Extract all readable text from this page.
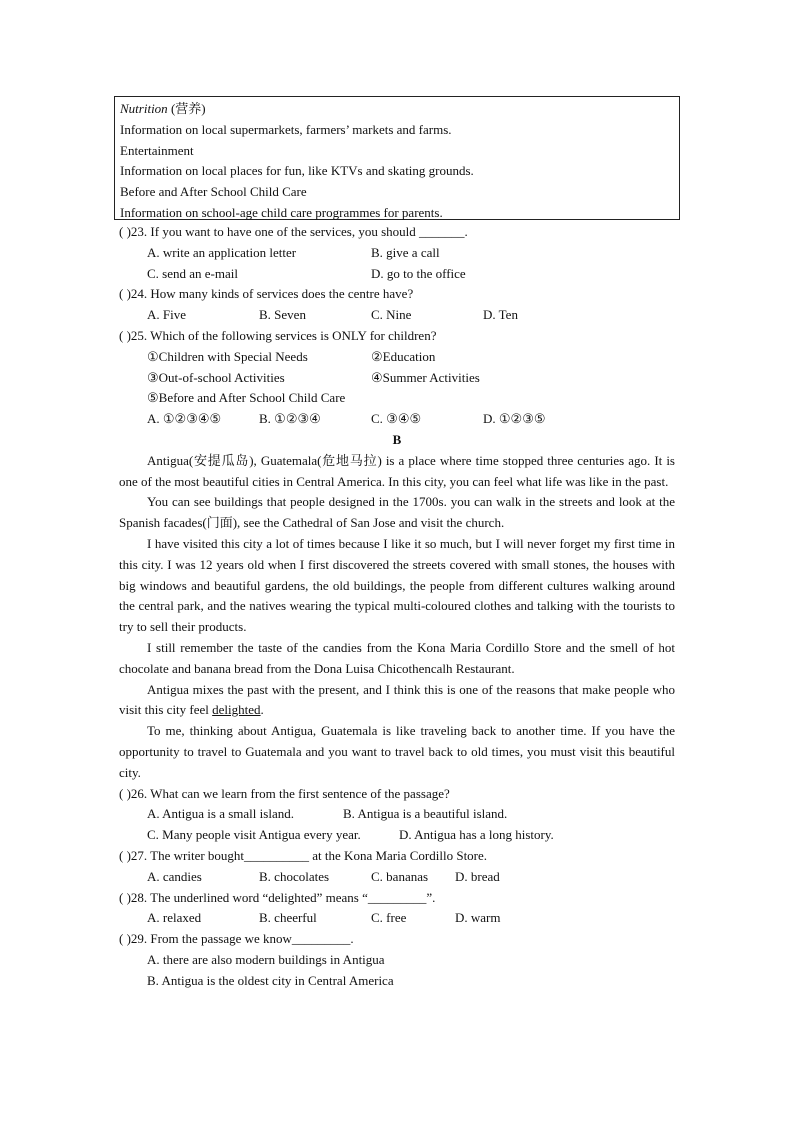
Nutrition (营养)
Information on local supermarkets, farmers’ markets and farms.
Entertainment
Information on local places for fun, like KTVs and skating grounds.
Before and After School Child Care
Information on school-age child care programmes for parents.
( )23. If you want to have one of the services, you should _______.
A. write an application letter	B. give a call
C. send an e-mail	D. go to the office
( )24. How many kinds of services does the centre have?
A. Five	B. Seven	C. Nine	D. Ten
( )25. Which of the following services is ONLY for children?
①Children with Special Needs	②Education
③Out-of-school Activities	④Summer Activities
⑤Before and After School Child Care
A. ①②③④⑤	B. ①②③④	C. ③④⑤	D. ①②③⑤
B
Antigua(安提瓜岛), Guatemala(危地马拉) is a place where time stopped three centuries ago. It is one of the most beautiful cities in Central America. In this city, you can feel what life was like in the past.
You can see buildings that people designed in the 1700s. you can walk in the streets and look at the Spanish facades(门面), see the Cathedral of San Jose and visit the church.
I have visited this city a lot of times because I like it so much, but I will never forget my first time in this city. I was 12 years old when I first discovered the streets covered with small stones, the houses with big windows and beautiful gardens, the old buildings, the people from different cultures walking around the central park, and the natives wearing the typical multi-coloured clothes and talking with the tourists to try to sell their products.
I still remember the taste of the candies from the Kona Maria Cordillo Store and the smell of hot chocolate and banana bread from the Dona Luisa Chicothencalh Restaurant.
Antigua mixes the past with the present, and I think this is one of the reasons that make people who visit this city feel delighted.
To me, thinking about Antigua, Guatemala is like traveling back to another time. If you have the opportunity to travel to Guatemala and you want to travel back to old times, you must visit this beautiful city.
( )26. What can we learn from the first sentence of the passage?
A. Antigua is a small island.	B. Antigua is a beautiful island.
C. Many people visit Antigua every year.	D. Antigua has a long history.
( )27. The writer bought__________ at the Kona Maria Cordillo Store.
A. candies	B. chocolates	C. bananas D. bread
( )28. The underlined word “delighted” means “_________”.
A. relaxed	B. cheerful	C. free	D. warm
( )29. From the passage we know_________.
A. there are also modern buildings in Antigua
B. Antigua is the oldest city in Central America
